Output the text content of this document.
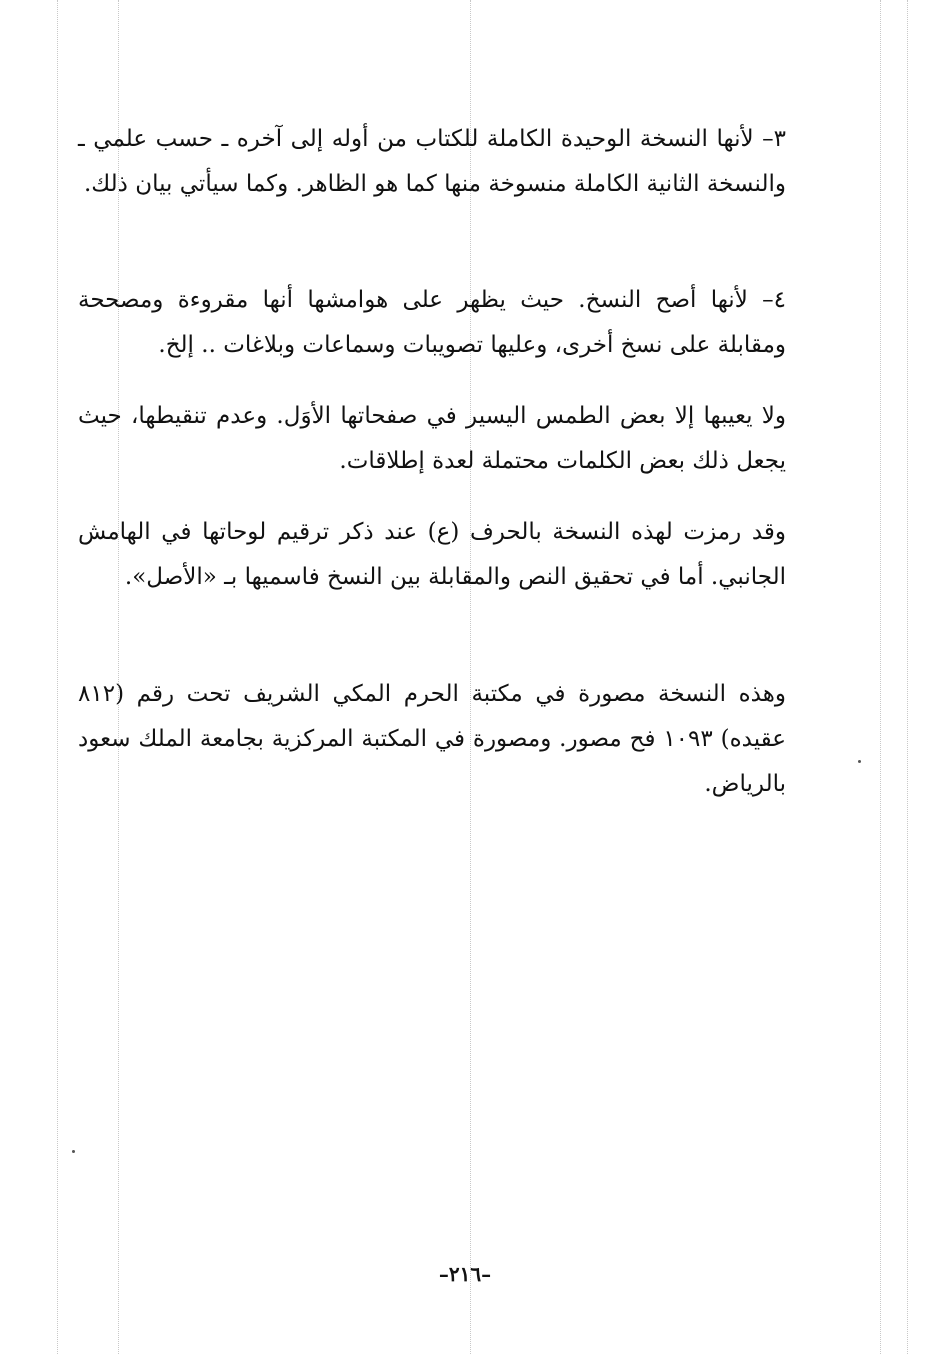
٣– لأنها النسخة الوحيدة الكاملة للكتاب من أوله إلى آخره ـ حسب علمي ـ والنسخة الثانية الكاملة منسوخة منها كما هو الظاهر. وكما سيأتي بيان ذلك.

٤– لأنها أصح النسخ. حيث يظهر على هوامشها أنها مقروءة ومصححة ومقابلة على نسخ أخرى، وعليها تصويبات وسماعات وبلاغات .. إلخ.

ولا يعيبها إلا بعض الطمس اليسير في صفحاتها الأوَل. وعدم تنقيطها، حيث يجعل ذلك بعض الكلمات محتملة لعدة إطلاقات.

وقد رمزت لهذه النسخة بالحرف (ع) عند ذكر ترقيم لوحاتها في الهامش الجانبي. أما في تحقيق النص والمقابلة بين النسخ فاسميها بـ «الأصل».

وهذه النسخة مصورة في مكتبة الحرم المكي الشريف تحت رقم (٨١٢ عقيده) ١٠٩٣ فح مصور. ومصورة في المكتبة المركزية بجامعة الملك سعود بالرياض.

–٢١٦–
